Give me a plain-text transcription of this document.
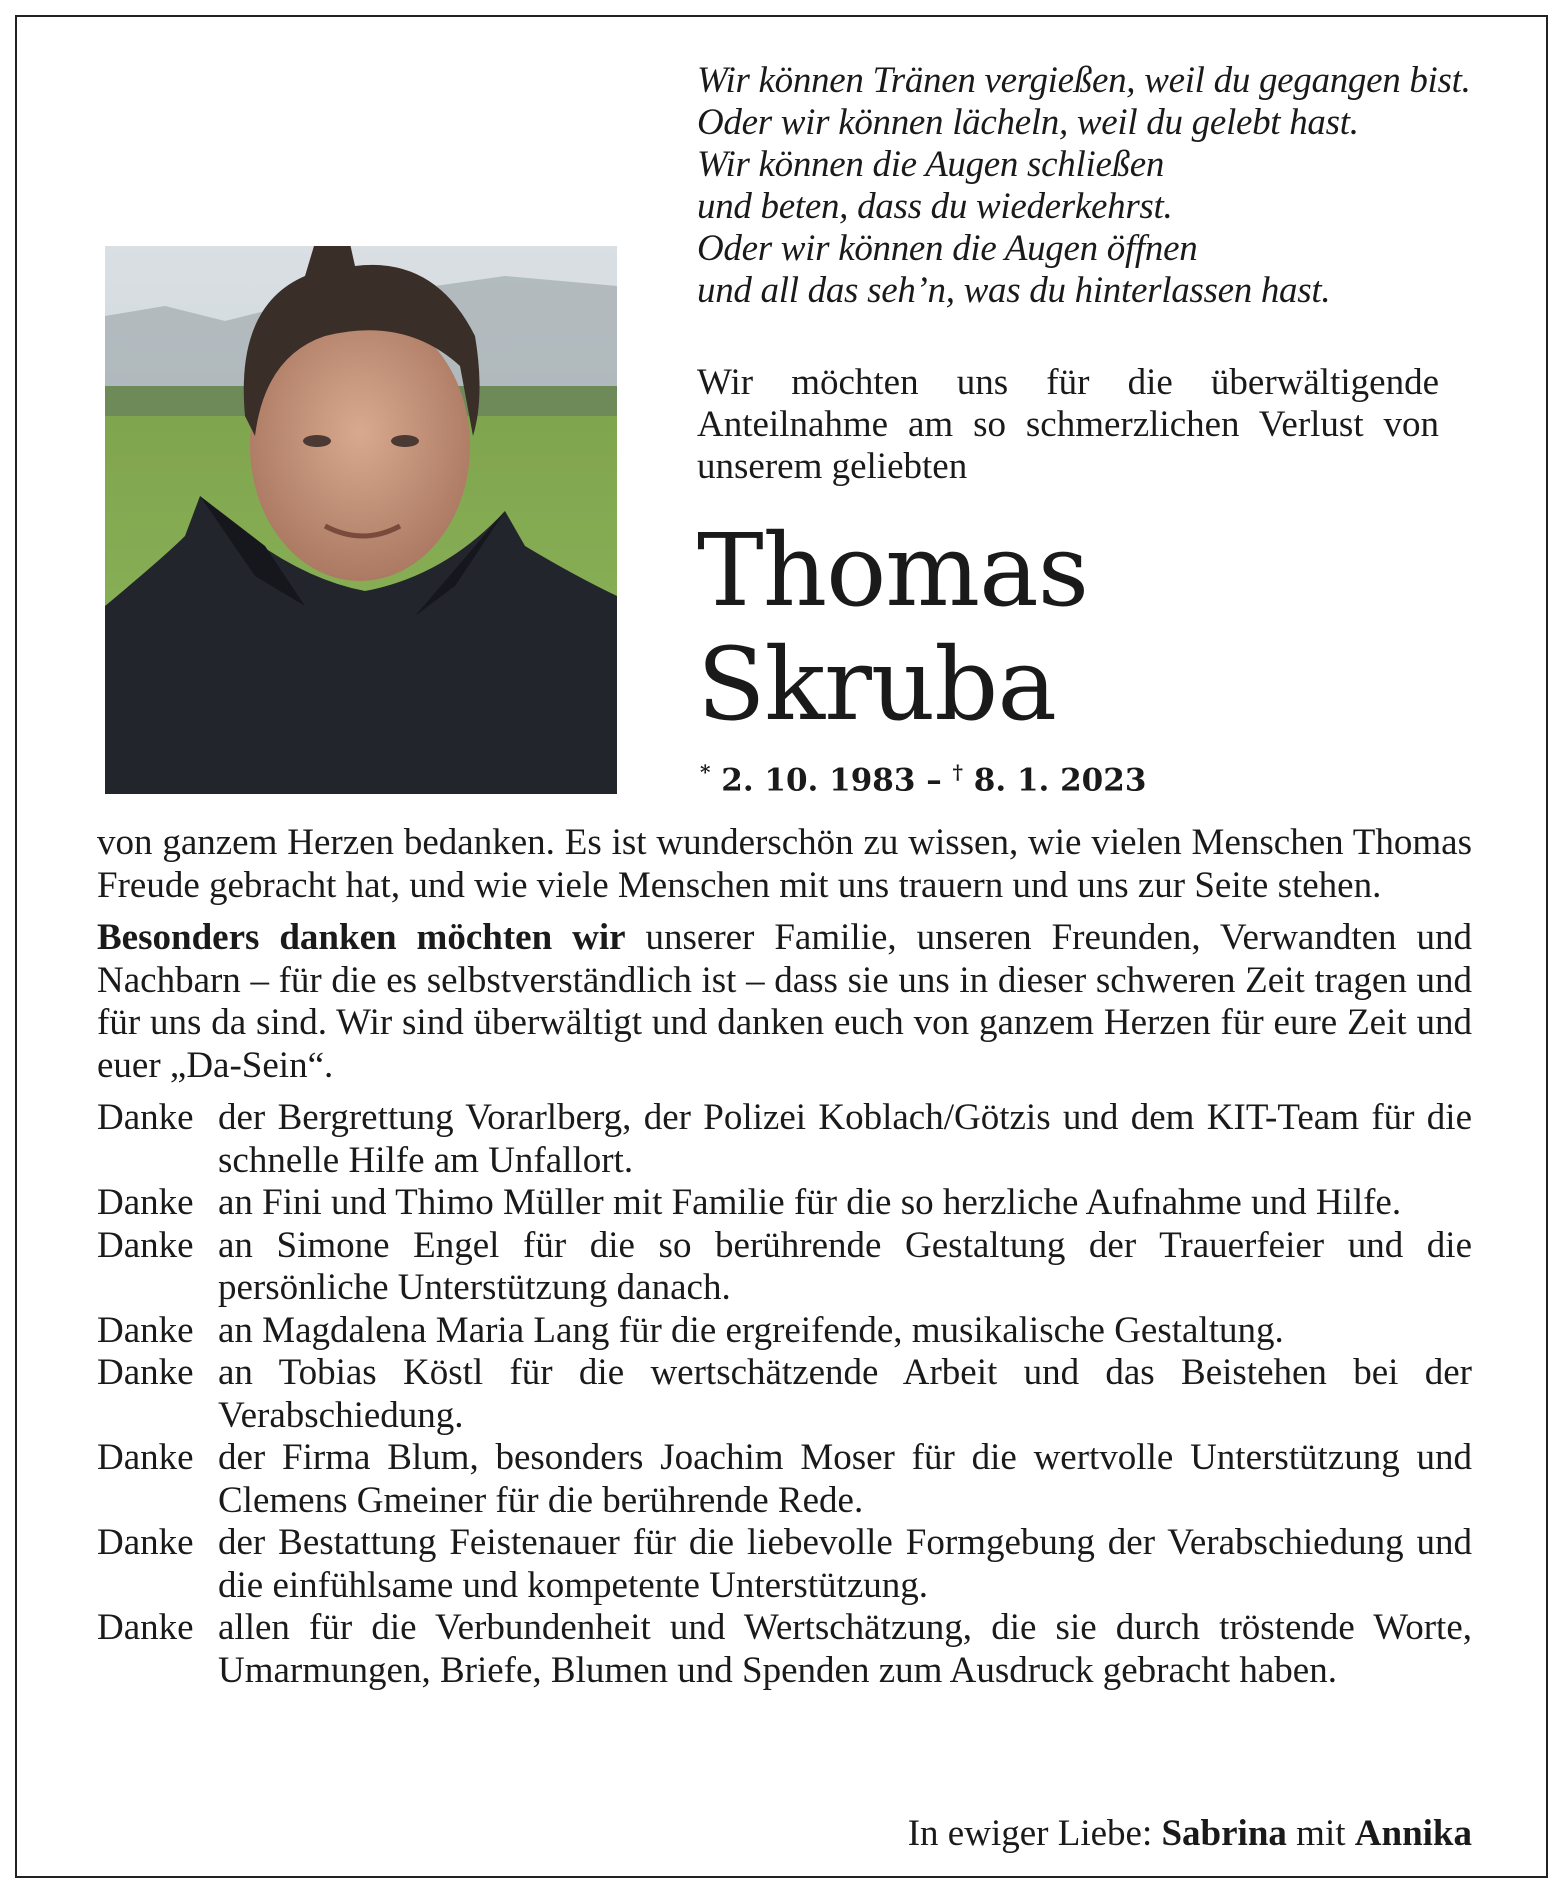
Wir können Tränen vergießen, weil du gegangen bist.
Oder wir können lächeln, weil du gelebt hast.
Wir können die Augen schließen
und beten, dass du wiederkehrst.
Oder wir können die Augen öffnen
und all das seh’n, was du hinterlassen hast.
Wir möchten uns für die überwältigende Anteilnahme am so schmerzlichen Verlust von unserem geliebten
Thomas
Skruba
* 2. 10. 1983 – † 8. 1. 2023

von ganzem Herzen bedanken. Es ist wunderschön zu wissen, wie vielen Menschen Thomas Freude gebracht hat, und wie viele Menschen mit uns trauern und uns zur Seite stehen.

Besonders danken möchten wir unserer Familie, unseren Freunden, Verwandten und Nachbarn – für die es selbstverständlich ist – dass sie uns in dieser schweren Zeit tragen und für uns da sind. Wir sind überwältigt und danken euch von ganzem Herzen für eure Zeit und euer „Da-Sein“.

Danke der Bergrettung Vorarlberg, der Polizei Koblach/Götzis und dem KIT-Team für die schnelle Hilfe am Unfallort.
Danke an Fini und Thimo Müller mit Familie für die so herzliche Aufnahme und Hilfe.
Danke an Simone Engel für die so berührende Gestaltung der Trauerfeier und die persönliche Unterstützung danach.
Danke an Magdalena Maria Lang für die ergreifende, musikalische Gestaltung.
Danke an Tobias Köstl für die wertschätzende Arbeit und das Beistehen bei der Verabschiedung.
Danke der Firma Blum, besonders Joachim Moser für die wertvolle Unterstützung und Clemens Gmeiner für die berührende Rede.
Danke der Bestattung Feistenauer für die liebevolle Formgebung der Verabschiedung und die einfühlsame und kompetente Unterstützung.
Danke allen für die Verbundenheit und Wertschätzung, die sie durch tröstende Worte, Umarmungen, Briefe, Blumen und Spenden zum Ausdruck gebracht haben.
In ewiger Liebe: Sabrina mit Annika
